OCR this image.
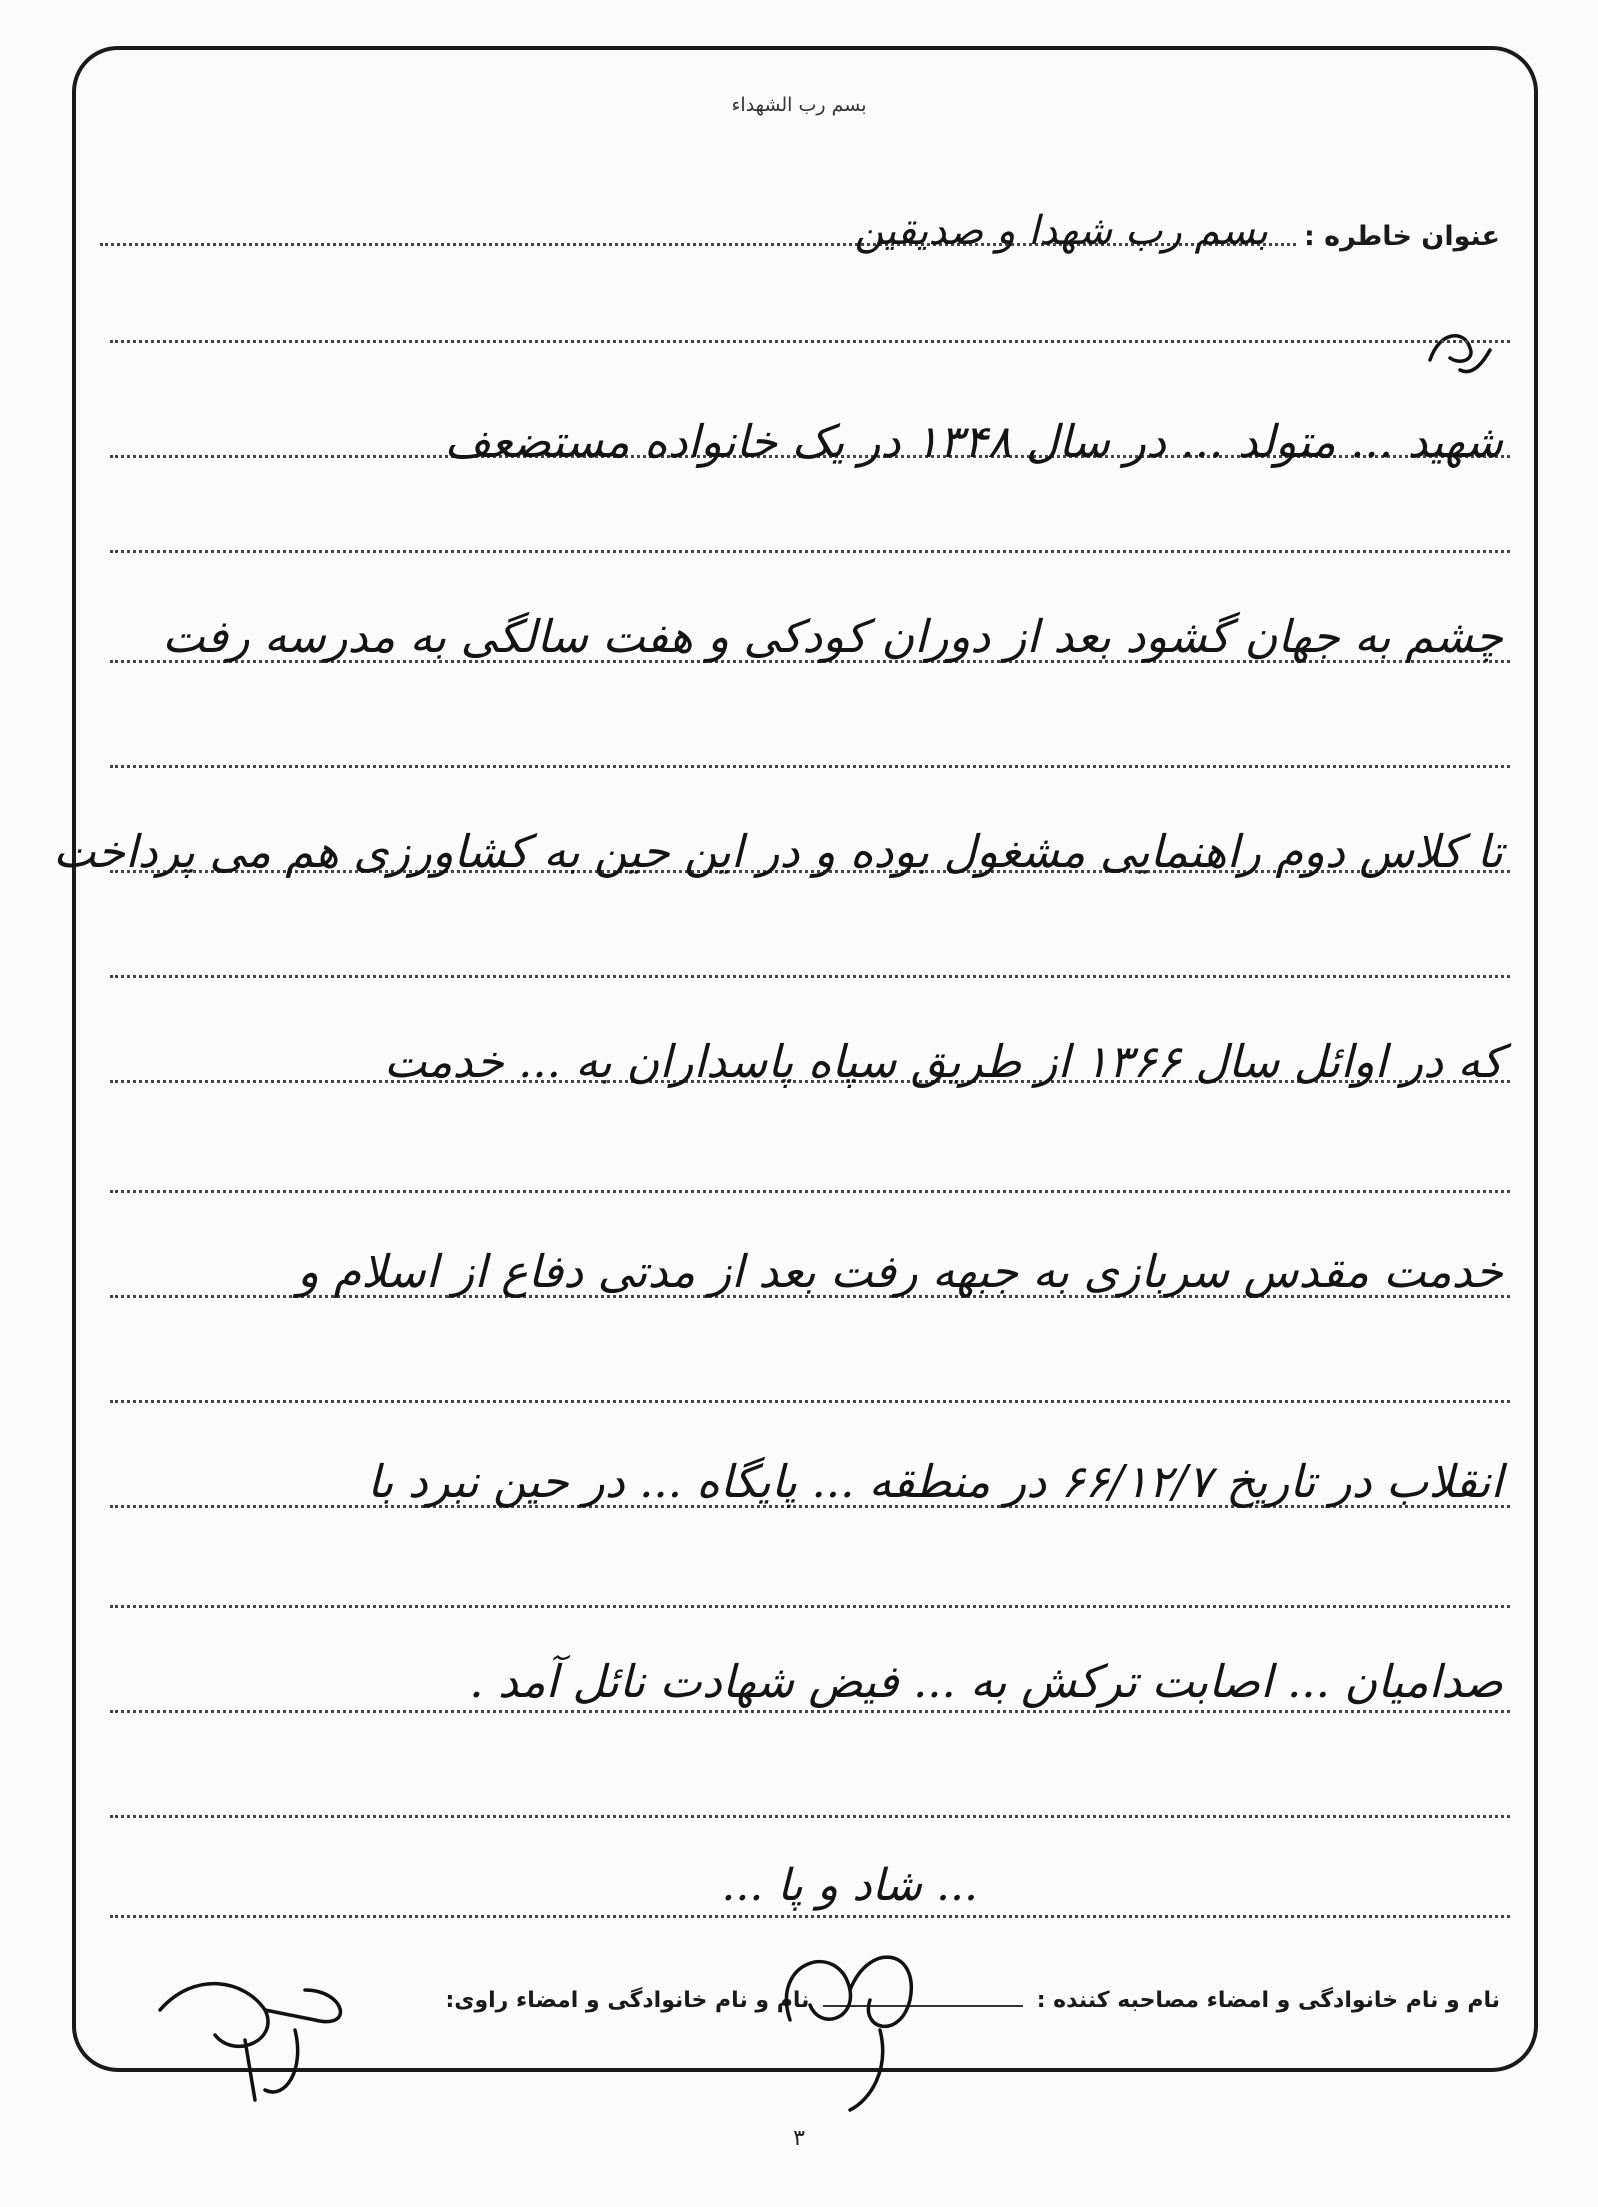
بسم رب الشهداء
عنوان خاطره :
بسم رب شهدا و صدیقین
شهید ... متولد ... در سال ۱۳۴۸ در یک خانواده مستضعف
چشم به جهان گشود بعد از دوران کودکی و هفت سالگی به مدرسه رفت
تا کلاس دوم راهنمایی مشغول بوده و در این حین به کشاورزی هم می پرداخت
که در اوائل سال ۱۳۶۶ از طریق سپاه پاسداران به ... خدمت
خدمت مقدس سربازی به جبهه رفت بعد از مدتی دفاع از اسلام و
انقلاب در تاریخ ۶۶/۱۲/۷ در منطقه ... پایگاه ... در حین نبرد با
صدامیان ... اصابت ترکش به ... فیض شهادت نائل آمد .
... شاد و پا ...
نام و نام خانوادگی و امضاء مصاحبه کننده :  نام و نام خانوادگی و امضاء راوی:
۳
